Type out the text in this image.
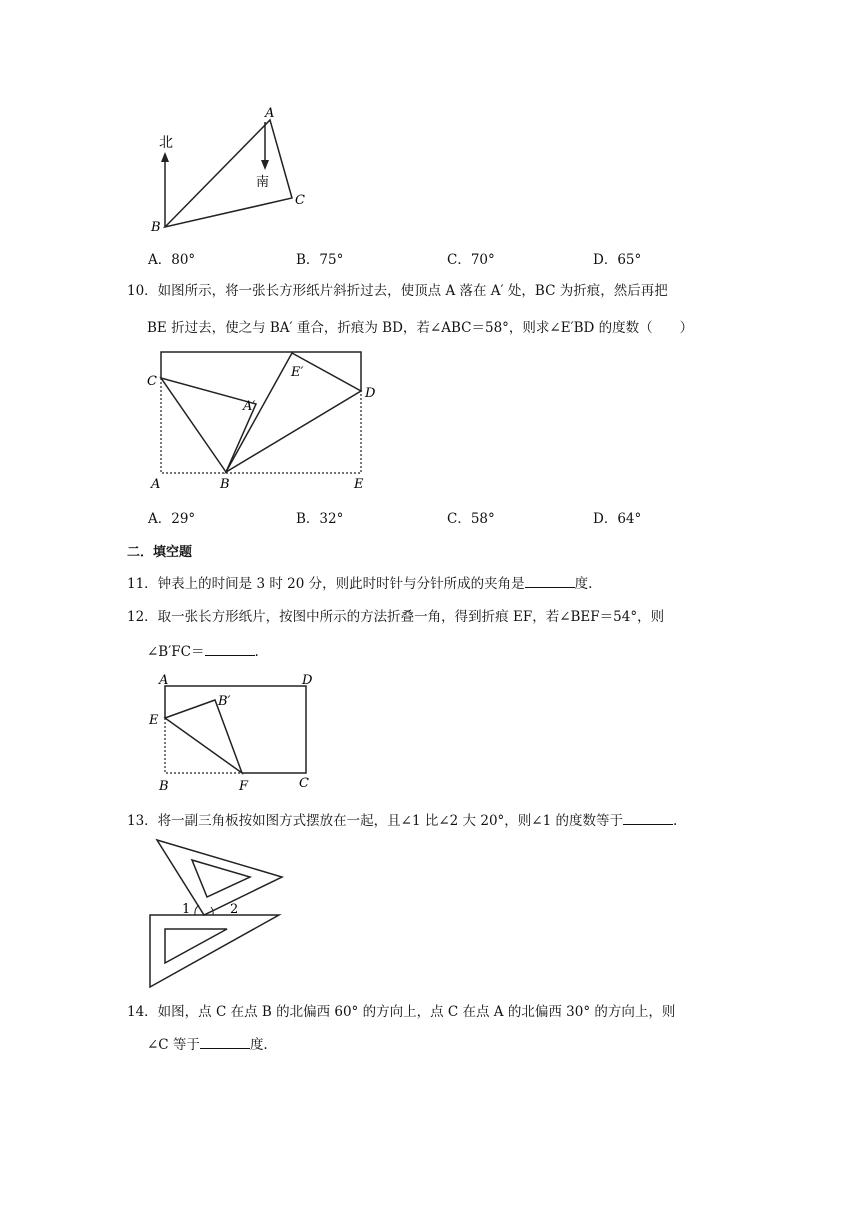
北
南
A
B
C
A．80°	B．75°	C．70°	D．65°
10．如图所示，将一张长方形纸片斜折过去，使顶点 A 落在 A′ 处，BC 为折痕，然后再把
BE 折过去，使之与 BA′ 重合，折痕为 BD，若∠ABC＝58°，则求∠E′BD 的度数（　　）
C
D
A′
E′
A	B	E
A．29°	B．32°	C．58°	D．64°
二．填空题
11．钟表上的时间是 3 时 20 分，则此时时针与分针所成的夹角是	度.
12．取一张长方形纸片，按图中所示的方法折叠一角，得到折痕 EF，若∠BEF＝54°，则
∠B′FC＝	.
A	D
B′
E
B	F	C
13．将一副三角板按如图方式摆放在一起，且∠1 比∠2 大 20°，则∠1 的度数等于	.
1	2
14．如图，点 C 在点 B 的北偏西 60° 的方向上，点 C 在点 A 的北偏西 30° 的方向上，则
∠C 等于	度.
